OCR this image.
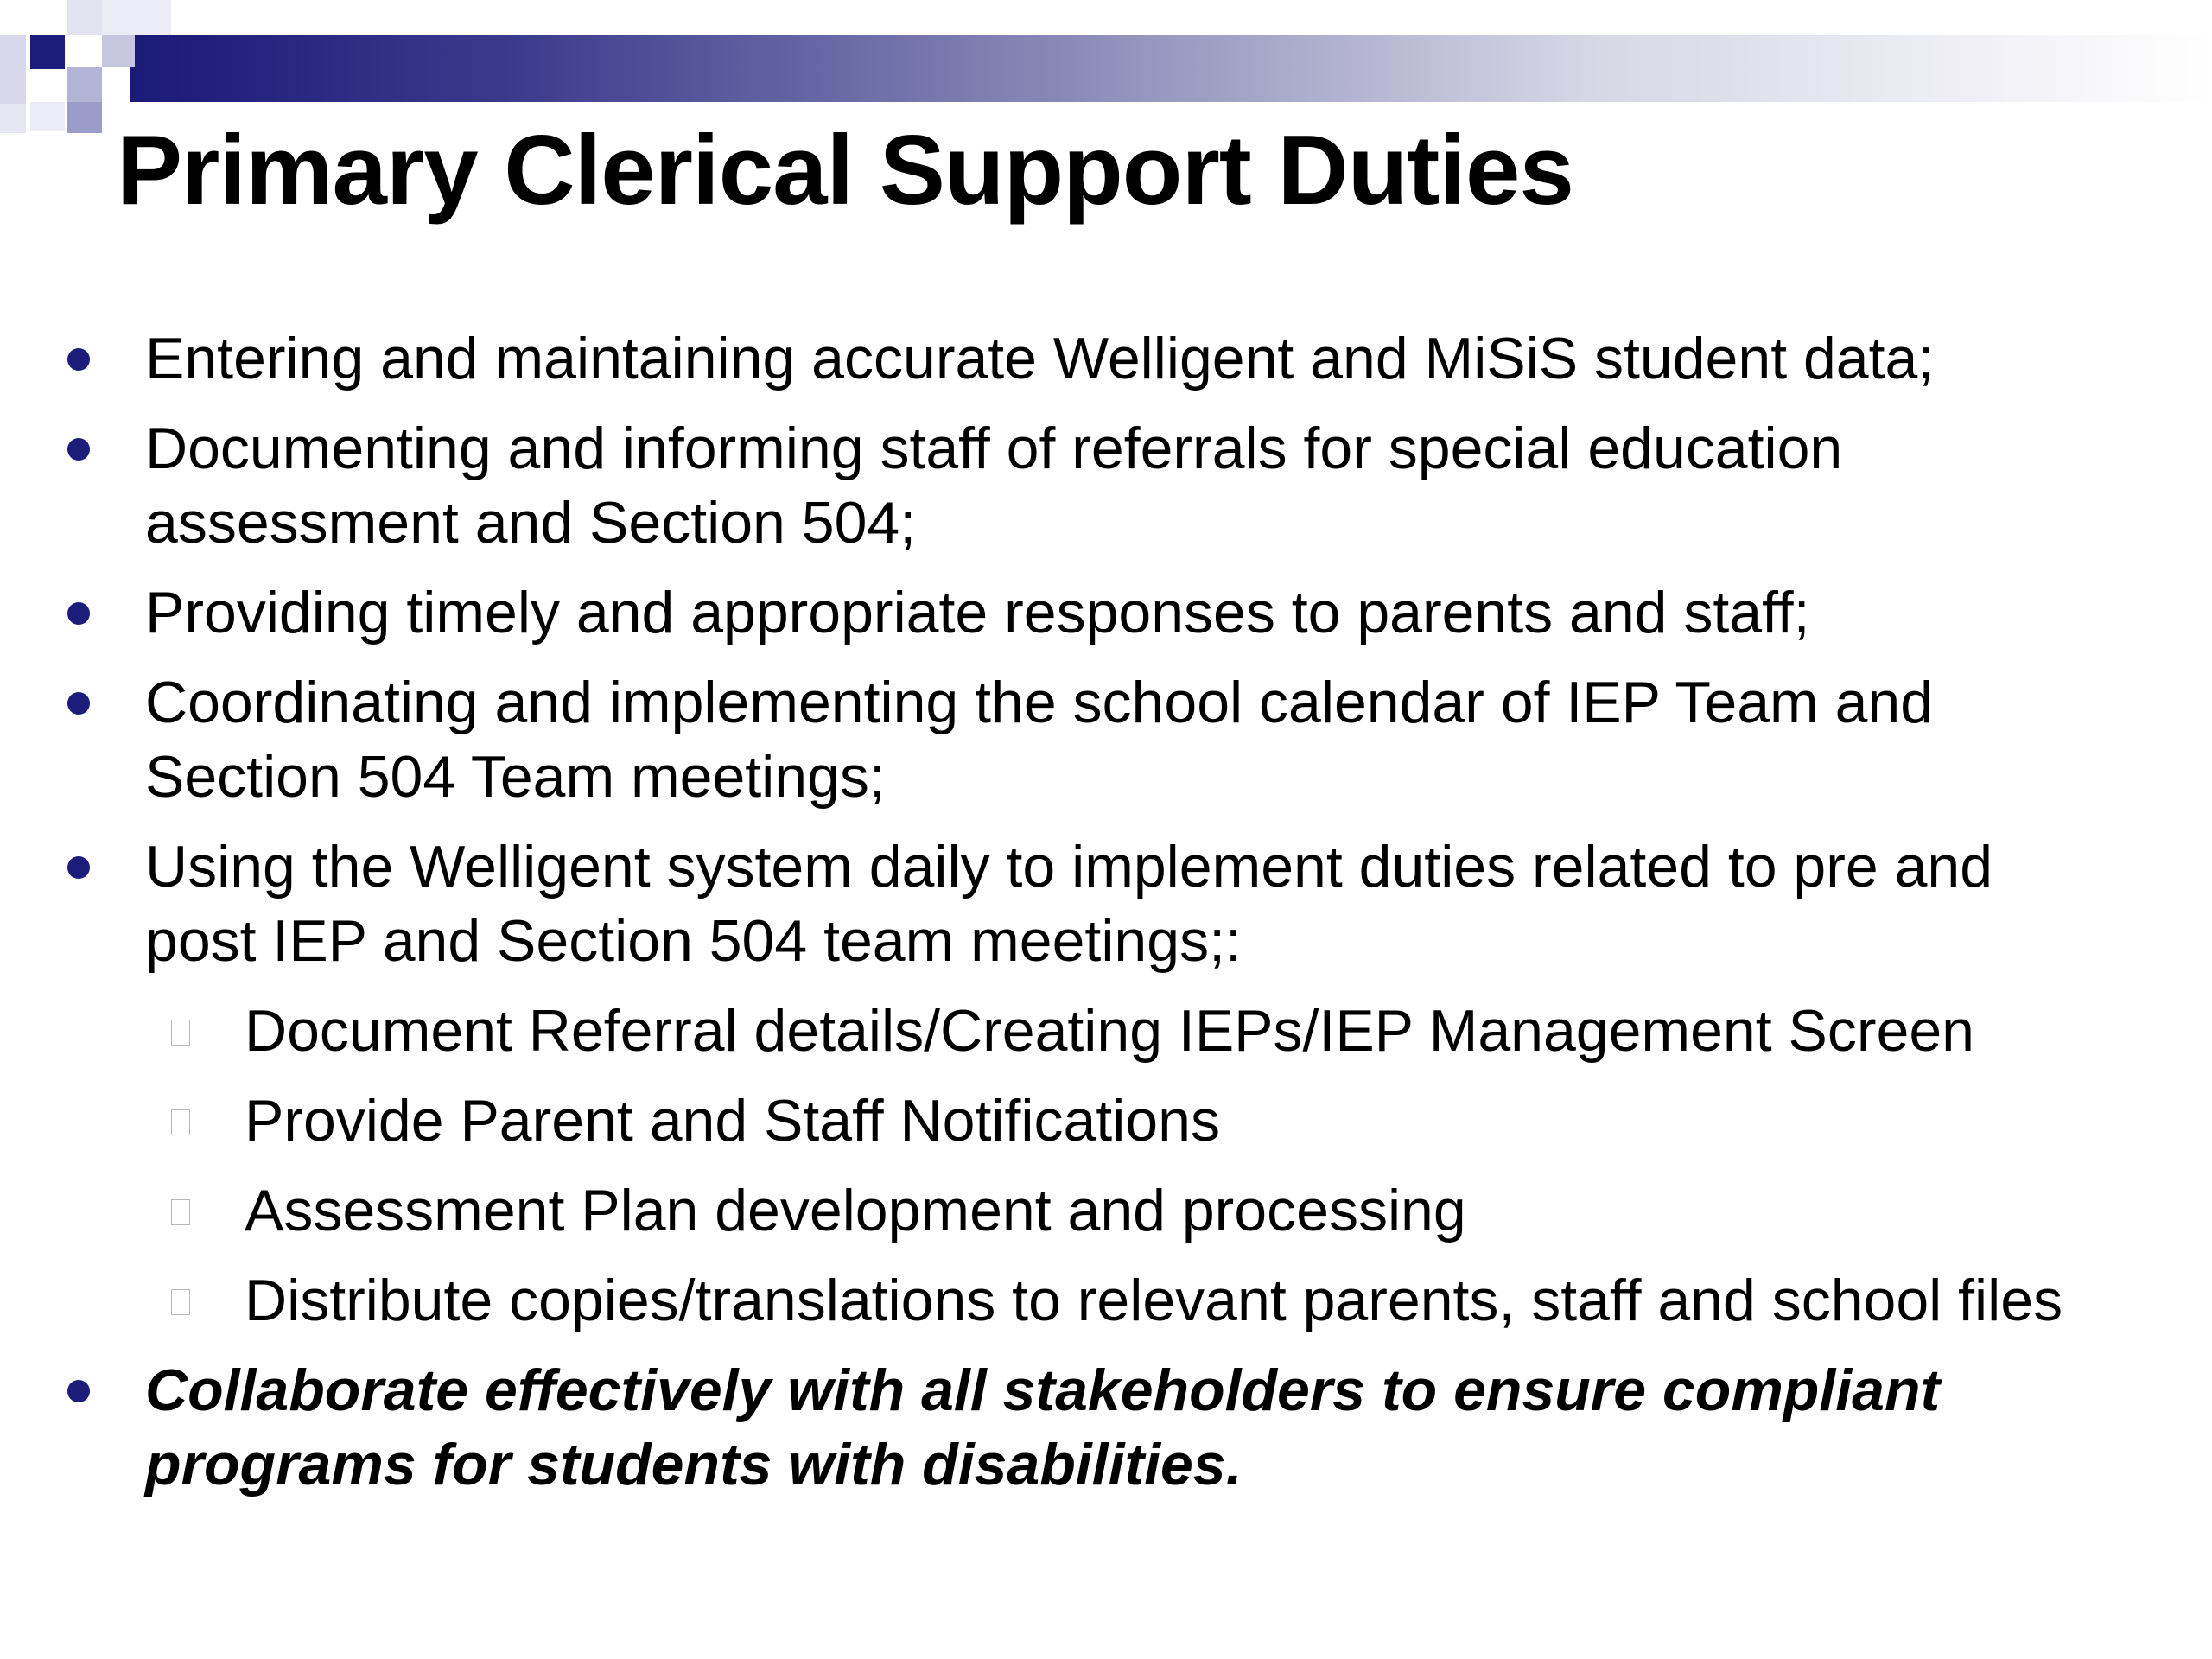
Primary Clerical Support Duties
Entering and maintaining accurate Welligent and MiSiS student data;
Documenting and informing staff of referrals for special education
assessment and Section 504;
Providing timely and appropriate responses to parents and staff;
Coordinating and implementing the school calendar of IEP Team and
Section 504 Team meetings;
Using the Welligent system daily to implement duties related to pre and
post IEP and Section 504 team meetings;:
Document Referral details/Creating IEPs/IEP Management Screen
Provide Parent and Staff Notifications
Assessment Plan development and processing
Distribute copies/translations to relevant parents, staff and school files
Collaborate effectively with all stakeholders to ensure compliant
programs for students with disabilities.
